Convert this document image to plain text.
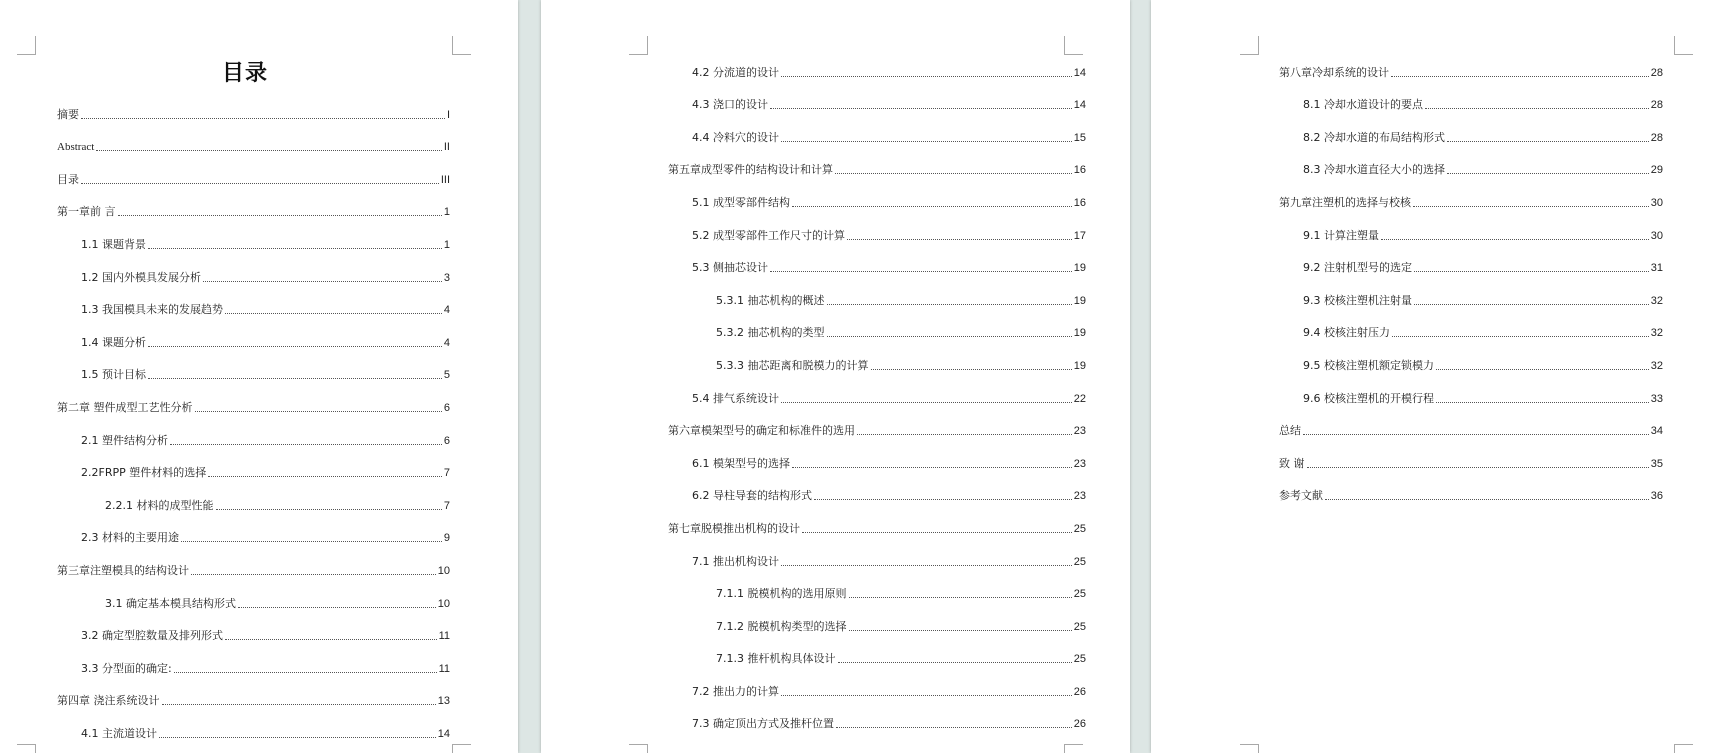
目录
摘要	I
Abstract	II
目录	III
第一章前 言	1
1.1 课题背景	1
1.2 国内外模具发展分析	3
1.3 我国模具未来的发展趋势	4
1.4 课题分析	4
1.5 预计目标	5
第二章 塑件成型工艺性分析	6
2.1 塑件结构分析	6
2.2FRPP 塑件材料的选择	7
2.2.1 材料的成型性能	7
2.3 材料的主要用途	9
第三章注塑模具的结构设计	10
3.1 确定基本模具结构形式	10
3.2 确定型腔数量及排列形式	11
3.3 分型面的确定:	11
第四章 浇注系统设计	13
4.1 主流道设计	14
4.2 分流道的设计	14
4.3 浇口的设计	14
4.4 冷料穴的设计	15
第五章成型零件的结构设计和计算	16
5.1 成型零部件结构	16
5.2 成型零部件工作尺寸的计算	17
5.3 侧抽芯设计	19
5.3.1 抽芯机构的概述	19
5.3.2 抽芯机构的类型	19
5.3.3 抽芯距离和脱模力的计算	19
5.4 排气系统设计	22
第六章模架型号的确定和标准件的选用	23
6.1 模架型号的选择	23
6.2 导柱导套的结构形式	23
第七章脱模推出机构的设计	25
7.1 推出机构设计	25
7.1.1 脱模机构的选用原则	25
7.1.2 脱模机构类型的选择	25
7.1.3 推杆机构具体设计	25
7.2 推出力的计算	26
7.3 确定顶出方式及推杆位置	26
第八章冷却系统的设计	28
8.1 冷却水道设计的要点	28
8.2 冷却水道的布局结构形式	28
8.3 冷却水道直径大小的选择	29
第九章注塑机的选择与校核	30
9.1 计算注塑量	30
9.2 注射机型号的选定	31
9.3 校核注塑机注射量	32
9.4 校核注射压力	32
9.5 校核注塑机额定锁模力	32
9.6 校核注塑机的开模行程	33
总结	34
致 谢	35
参考文献	36
